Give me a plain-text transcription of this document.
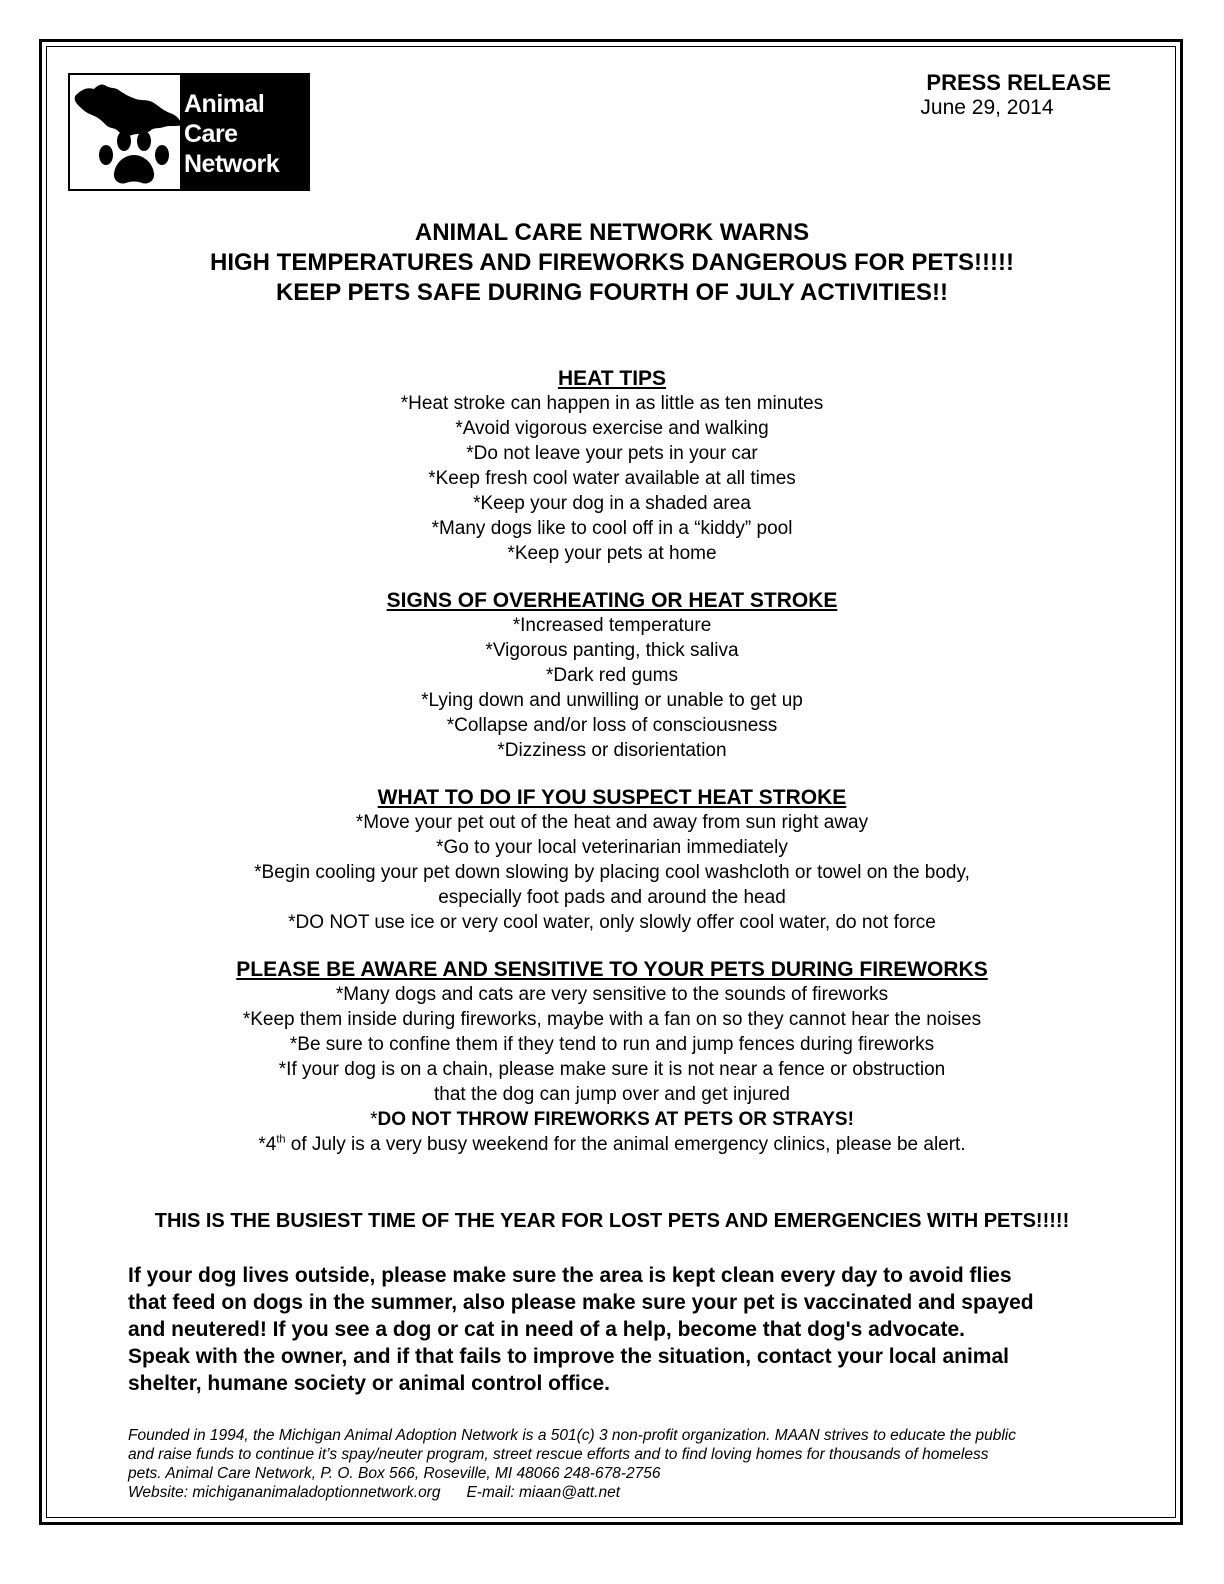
Animal
Care
Network
PRESS RELEASE
June 29, 2014
ANIMAL CARE NETWORK WARNS
HIGH TEMPERATURES AND FIREWORKS DANGEROUS FOR PETS!!!!!
KEEP PETS SAFE DURING FOURTH OF JULY ACTIVITIES!!
HEAT TIPS
*Heat stroke can happen in as little as ten minutes
*Avoid vigorous exercise and walking
*Do not leave your pets in your car
*Keep fresh cool water available at all times
*Keep your dog in a shaded area
*Many dogs like to cool off in a “kiddy” pool
*Keep your pets at home
SIGNS OF OVERHEATING OR HEAT STROKE
*Increased temperature
*Vigorous panting, thick saliva
*Dark red gums
*Lying down and unwilling or unable to get up
*Collapse and/or loss of consciousness
*Dizziness or disorientation
WHAT TO DO IF YOU SUSPECT HEAT STROKE
*Move your pet out of the heat and away from sun right away
*Go to your local veterinarian immediately
*Begin cooling your pet down slowing by placing cool washcloth or towel on the body,
especially foot pads and around the head
*DO NOT use ice or very cool water, only slowly offer cool water, do not force
PLEASE BE AWARE AND SENSITIVE TO YOUR PETS DURING FIREWORKS
*Many dogs and cats are very sensitive to the sounds of fireworks
*Keep them inside during fireworks, maybe with a fan on so they cannot hear the noises
*Be sure to confine them if they tend to run and jump fences during fireworks
*If your dog is on a chain, please make sure it is not near a fence or obstruction
that the dog can jump over and get injured
*DO NOT THROW FIREWORKS AT PETS OR STRAYS!
*4th of July is a very busy weekend for the animal emergency clinics, please be alert.
THIS IS THE BUSIEST TIME OF THE YEAR FOR LOST PETS AND EMERGENCIES WITH PETS!!!!!
If your dog lives outside, please make sure the area is kept clean every day to avoid flies
that feed on dogs in the summer, also please make sure your pet is vaccinated and spayed
and neutered! If you see a dog or cat in need of a help, become that dog's advocate.
Speak with the owner, and if that fails to improve the situation, contact your local animal
shelter, humane society or animal control office.
Founded in 1994, the Michigan Animal Adoption Network is a 501(c) 3 non-profit organization. MAAN strives to educate the public
and raise funds to continue it’s spay/neuter program, street rescue efforts and to find loving homes for thousands of homeless
pets. Animal Care Network, P. O. Box 566, Roseville, MI 48066 248-678-2756
Website: michigananimaladoptionnetwork.org E-mail: miaan@att.net
